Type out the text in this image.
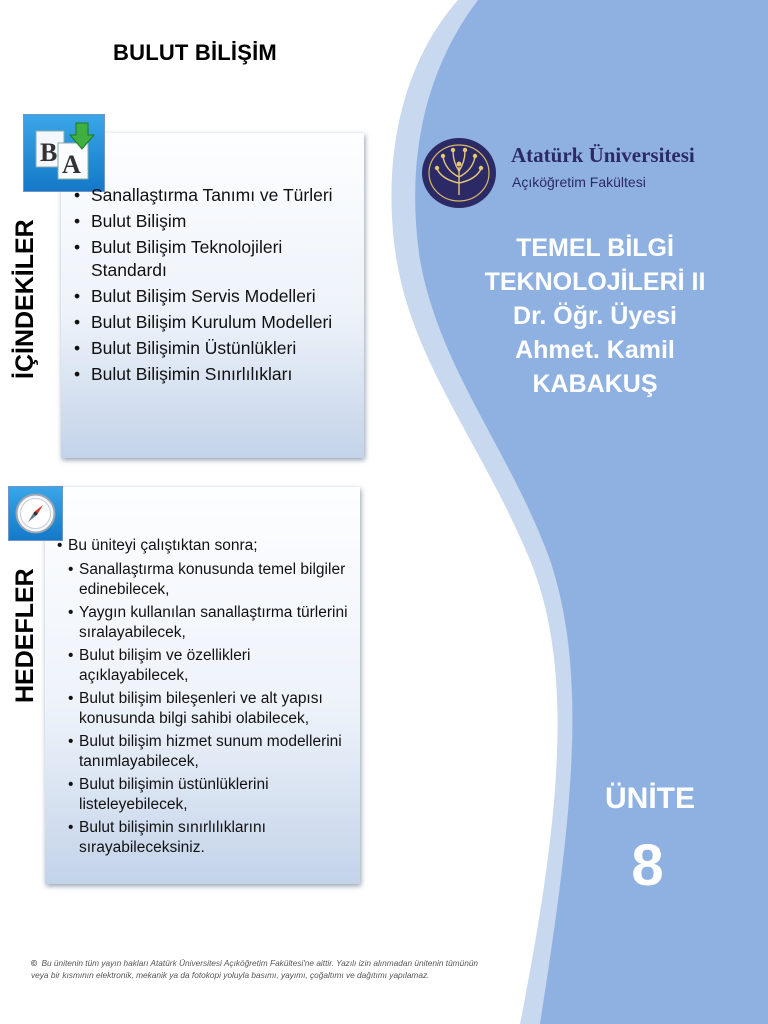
BULUT BİLİŞİM
İÇİNDEKİLER
HEDEFLER
B A
• Sanallaştırma Tanımı ve Türleri
• Bulut Bilişim
• Bulut Bilişim Teknolojileri Standardı
• Bulut Bilişim Servis Modelleri
• Bulut Bilişim Kurulum Modelleri
• Bulut Bilişimin Üstünlükleri
• Bulut Bilişimin Sınırlılıkları
• Bu üniteyi çalıştıktan sonra;
• Sanallaştırma konusunda temel bilgiler edinebilecek,
• Yaygın kullanılan sanallaştırma türlerini sıralayabilecek,
• Bulut bilişim ve özellikleri açıklayabilecek,
• Bulut bilişim bileşenleri ve alt yapısı konusunda bilgi sahibi olabilecek,
• Bulut bilişim hizmet sunum modellerini tanımlayabilecek,
• Bulut bilişimin üstünlüklerini listeleyebilecek,
• Bulut bilişimin sınırlılıklarını sırayabileceksiniz.
Atatürk Üniversitesi
Açıköğretim Fakültesi
TEMEL BİLGİ
TEKNOLOJİLERİ II
Dr. Öğr. Üyesi
Ahmet. Kamil
KABAKUŞ
ÜNİTE
8
© Bu ünitenin tüm yayın hakları Atatürk Üniversitesi Açıköğretim Fakültesi'ne aittir. Yazılı izin alınmadan ünitenin tümünün veya bir kısmının elektronik, mekanik ya da fotokopi yoluyla basımı, yayımı, çoğaltımı ve dağıtımı yapılamaz.
